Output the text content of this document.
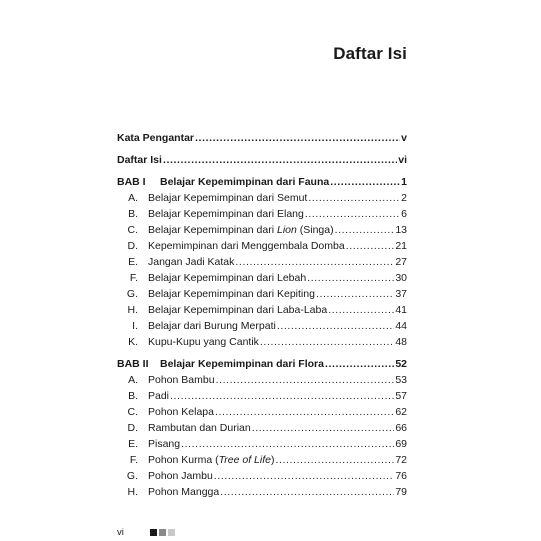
Daftar Isi
Kata Pengantar .....	v
Daftar Isi .....	vi
BAB I	Belajar Kepemimpinan dari Fauna .....	1
A. Belajar Kepemimpinan dari Semut .....	2
B. Belajar Kepemimpinan dari Elang .....	6
C. Belajar Kepemimpinan dari Lion (Singa) .....	13
D. Kepemimpinan dari Menggembala Domba .....	21
E. Jangan Jadi Katak .....	27
F. Belajar Kepemimpinan dari Lebah .....	30
G. Belajar Kepemimpinan dari Kepiting .....	37
H. Belajar Kepemimpinan dari Laba-Laba .....	41
I. Belajar dari Burung Merpati .....	44
K. Kupu-Kupu yang Cantik .....	48
BAB II	Belajar Kepemimpinan dari Flora .....	52
A. Pohon Bambu .....	53
B. Padi .....	57
C. Pohon Kelapa .....	62
D. Rambutan dan Durian .....	66
E. Pisang .....	69
F. Pohon Kurma (Tree of Life) .....	72
G. Pohon Jambu .....	76
H. Pohon Mangga .....	79
vi
